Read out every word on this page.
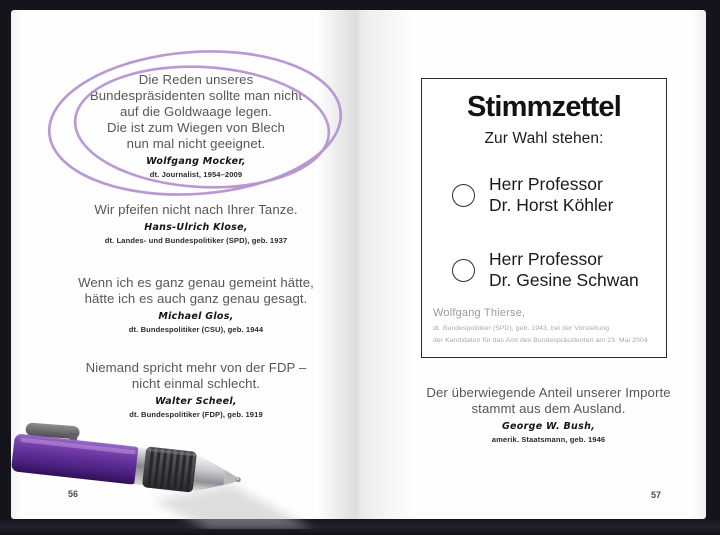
Die Reden unseres
Bundespräsidenten sollte man nicht
auf die Goldwaage legen.
Die ist zum Wiegen von Blech
nun mal nicht geeignet.
Wolfgang Mocker,
dt. Journalist, 1954–2009
Wir pfeifen nicht nach Ihrer Tanze.
Hans-Ulrich Klose,
dt. Landes- und Bundespolitiker (SPD), geb. 1937
Wenn ich es ganz genau gemeint hätte,
hätte ich es auch ganz genau gesagt.
Michael Glos,
dt. Bundespolitiker (CSU), geb. 1944
Niemand spricht mehr von der FDP –
nicht einmal schlecht.
Walter Scheel,
dt. Bundespolitiker (FDP), geb. 1919
56
Stimmzettel
Zur Wahl stehen:
Herr Professor
Dr. Horst Köhler
Herr Professor
Dr. Gesine Schwan
Wolfgang Thierse,
dt. Bundespolitiker (SPD), geb. 1943, bei der Vorstellung
der Kandidaten für das Amt des Bundespräsidenten am 23. Mai 2004
Der überwiegende Anteil unserer Importe
stammt aus dem Ausland.
George W. Bush,
amerik. Staatsmann, geb. 1946
57
